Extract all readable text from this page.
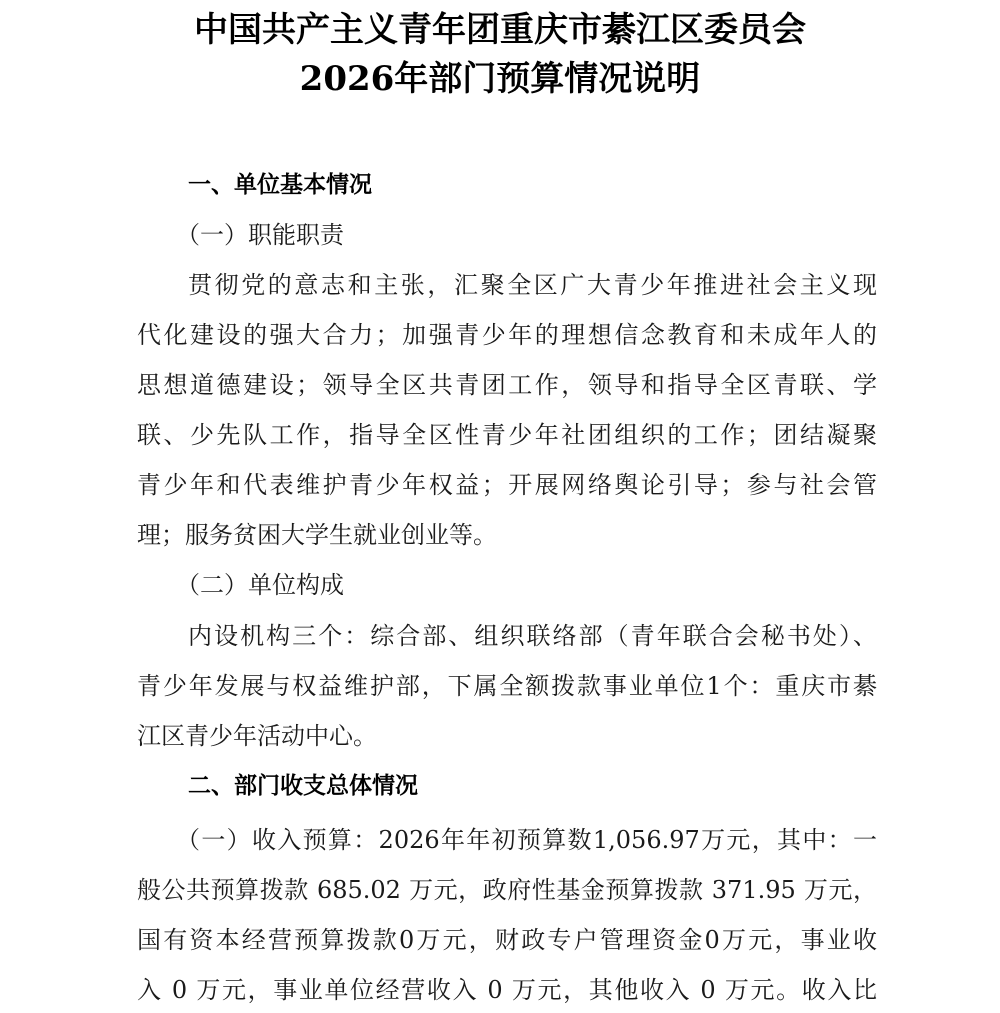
中国共产主义青年团重庆市綦江区委员会
2026年部门预算情况说明
一、单位基本情况
（一）职能职责
贯彻党的意志和主张，汇聚全区广大青少年推进社会主义现
代化建设的强大合力；加强青少年的理想信念教育和未成年人的
思想道德建设；领导全区共青团工作，领导和指导全区青联、学
联、少先队工作，指导全区性青少年社团组织的工作；团结凝聚
青少年和代表维护青少年权益；开展网络舆论引导；参与社会管
理；服务贫困大学生就业创业等。
（二）单位构成
内设机构三个：综合部、组织联络部（青年联合会秘书处）、
青少年发展与权益维护部，下属全额拨款事业单位1个：重庆市綦
江区青少年活动中心。
二、部门收支总体情况
（一）收入预算：2026年年初预算数1,056.97万元，其中：一
般公共预算拨款 685.02 万元，政府性基金预算拨款 371.95 万元，
国有资本经营预算拨款0万元，财政专户管理资金0万元，事业收
入 0 万元，事业单位经营收入 0 万元，其他收入 0 万元。收入比
